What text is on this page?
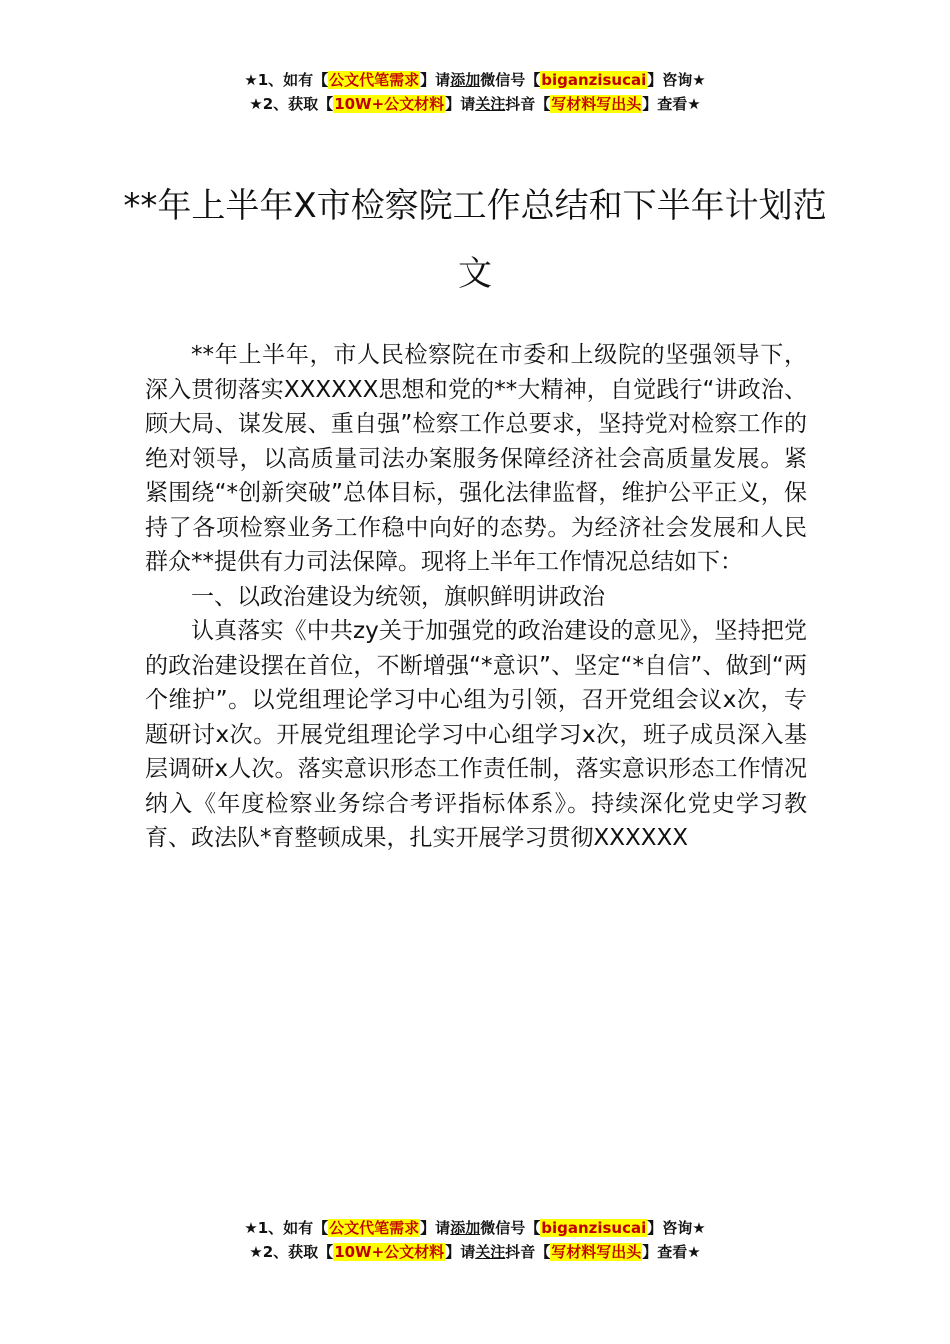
★1、如有【公文代笔需求】请添加微信号【biganzisucai】咨询★
★2、获取【10W+公文材料】请关注抖音【写材料写出头】查看★
**年上半年X市检察院工作总结和下半年计划范文

**年上半年，市人民检察院在市委和上级院的坚强领导下，深入贯彻落实XXXXXX思想和党的**大精神，自觉践行“讲政治、顾大局、谋发展、重自强”检察工作总要求，坚持党对检察工作的绝对领导，以高质量司法办案服务保障经济社会高质量发展。紧紧围绕“*创新突破”总体目标，强化法律监督，维护公平正义，保持了各项检察业务工作稳中向好的态势。为经济社会发展和人民群众**提供有力司法保障。现将上半年工作情况总结如下：

一、以政治建设为统领，旗帜鲜明讲政治

认真落实《中共zy关于加强党的政治建设的意见》，坚持把党的政治建设摆在首位，不断增强“*意识”、坚定“*自信”、做到“两个维护”。以党组理论学习中心组为引领，召开党组会议x次，专题研讨x次。开展党组理论学习中心组学习x次，班子成员深入基层调研x人次。落实意识形态工作责任制，落实意识形态工作情况纳入《年度检察业务综合考评指标体系》。持续深化党史学习教育、政法队*育整顿成果，扎实开展学习贯彻XXXXXX

★1、如有【公文代笔需求】请添加微信号【biganzisucai】咨询★
★2、获取【10W+公文材料】请关注抖音【写材料写出头】查看★
